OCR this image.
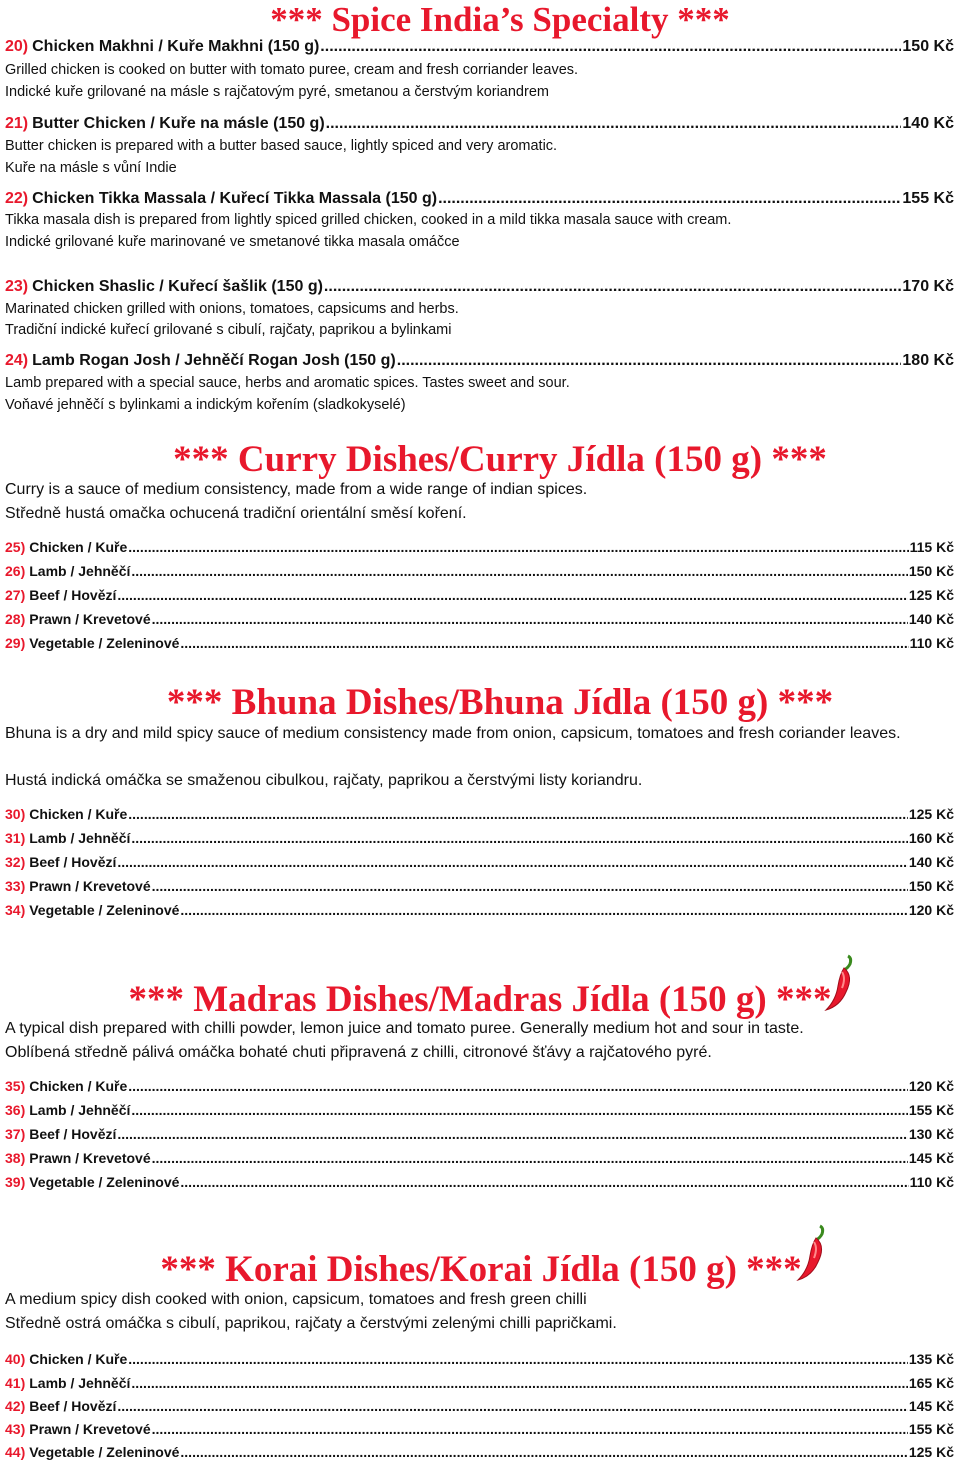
*** Spice India’s Specialty ***
20) Chicken Makhni / Kuře Makhni (150 g) .....	150 Kč
Grilled chicken is cooked on butter with tomato puree, cream and fresh corriander leaves.
Indické kuře grilované na másle s rajčatovým pyré, smetanou a čerstvým koriandrem
21) Butter Chicken / Kuře na másle (150 g) .....	140 Kč
Butter chicken is prepared with a butter based sauce, lightly spiced and very aromatic.
Kuře na másle s vůní Indie
22) Chicken Tikka Massala / Kuřecí Tikka Massala (150 g) .....	155 Kč
Tikka masala dish is prepared from lightly spiced grilled chicken, cooked in a mild tikka masala sauce with cream.
Indické grilované kuře marinované ve smetanové tikka masala omáčce
23) Chicken Shaslic / Kuřecí šašlik (150 g) .....	170 Kč
Marinated chicken grilled with onions, tomatoes, capsicums and herbs.
Tradiční indické kuřecí grilované s cibulí, rajčaty, paprikou a bylinkami
24) Lamb Rogan Josh / Jehněčí Rogan Josh (150 g) .....	180 Kč
Lamb prepared with a special sauce, herbs and aromatic spices. Tastes sweet and sour.
Voňavé jehněčí s bylinkami a indickým kořením (sladkokyselé)
*** Curry Dishes/Curry Jídla (150 g) ***
Curry is a sauce of medium consistency, made from a wide range of indian spices.
Středně hustá omačka ochucená tradiční orientální směsí koření.
25) Chicken / Kuře .....	115 Kč
26) Lamb / Jehněčí .....	150 Kč
27) Beef / Hovězí .....	125 Kč
28) Prawn / Krevetové .....	140 Kč
29) Vegetable / Zeleninové .....	110 Kč
*** Bhuna Dishes/Bhuna Jídla (150 g) ***
Bhuna is a dry and mild spicy sauce of medium consistency made from onion, capsicum, tomatoes and fresh coriander leaves.
Hustá indická omáčka se smaženou cibulkou, rajčaty, paprikou a čerstvými listy koriandru.
30) Chicken / Kuře .....	125 Kč
31) Lamb / Jehněčí .....	160 Kč
32) Beef / Hovězí .....	140 Kč
33) Prawn / Krevetové .....	150 Kč
34) Vegetable / Zeleninové .....	120 Kč
*** Madras Dishes/Madras Jídla (150 g) ***
A typical dish prepared with chilli powder, lemon juice and tomato puree. Generally medium hot and sour in taste.
Oblíbená středně pálivá omáčka bohaté chuti připravená z chilli, citronové šťávy a rajčatového pyré.
35) Chicken / Kuře .....	120 Kč
36) Lamb / Jehněčí .....	155 Kč
37) Beef / Hovězí .....	130 Kč
38) Prawn / Krevetové .....	145 Kč
39) Vegetable / Zeleninové .....	110 Kč
*** Korai Dishes/Korai Jídla (150 g) ***
A medium spicy dish cooked with onion, capsicum, tomatoes and fresh green chilli
Středně ostrá omáčka s cibulí, paprikou, rajčaty a čerstvými zelenými chilli papričkami.
40) Chicken / Kuře .....	135 Kč
41) Lamb / Jehněčí .....	165 Kč
42) Beef / Hovězí .....	145 Kč
43) Prawn / Krevetové .....	155 Kč
44) Vegetable / Zeleninové .....	125 Kč
